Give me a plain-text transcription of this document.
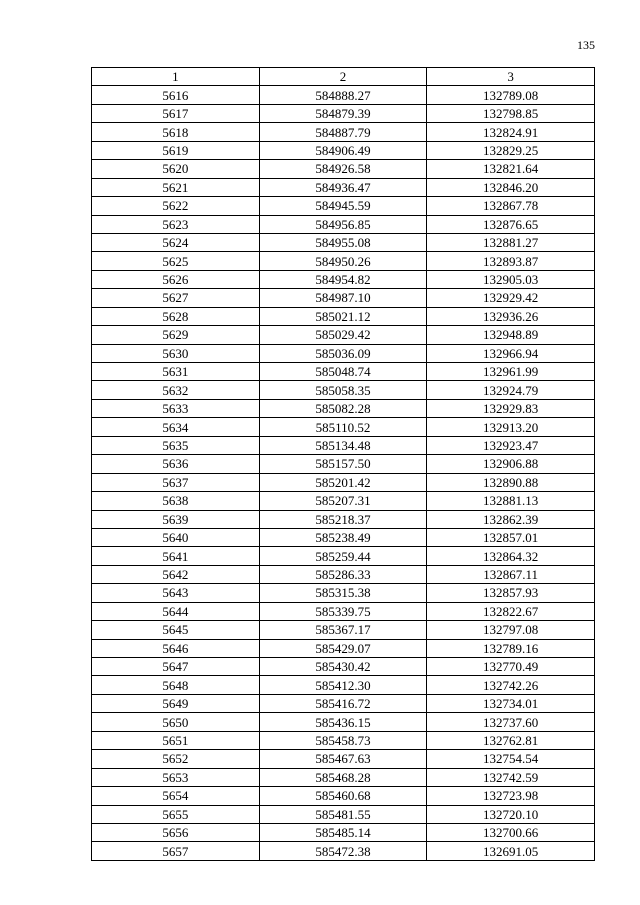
135
1	2	3
5616	584888.27	132789.08
5617	584879.39	132798.85
5618	584887.79	132824.91
5619	584906.49	132829.25
5620	584926.58	132821.64
5621	584936.47	132846.20
5622	584945.59	132867.78
5623	584956.85	132876.65
5624	584955.08	132881.27
5625	584950.26	132893.87
5626	584954.82	132905.03
5627	584987.10	132929.42
5628	585021.12	132936.26
5629	585029.42	132948.89
5630	585036.09	132966.94
5631	585048.74	132961.99
5632	585058.35	132924.79
5633	585082.28	132929.83
5634	585110.52	132913.20
5635	585134.48	132923.47
5636	585157.50	132906.88
5637	585201.42	132890.88
5638	585207.31	132881.13
5639	585218.37	132862.39
5640	585238.49	132857.01
5641	585259.44	132864.32
5642	585286.33	132867.11
5643	585315.38	132857.93
5644	585339.75	132822.67
5645	585367.17	132797.08
5646	585429.07	132789.16
5647	585430.42	132770.49
5648	585412.30	132742.26
5649	585416.72	132734.01
5650	585436.15	132737.60
5651	585458.73	132762.81
5652	585467.63	132754.54
5653	585468.28	132742.59
5654	585460.68	132723.98
5655	585481.55	132720.10
5656	585485.14	132700.66
5657	585472.38	132691.05
